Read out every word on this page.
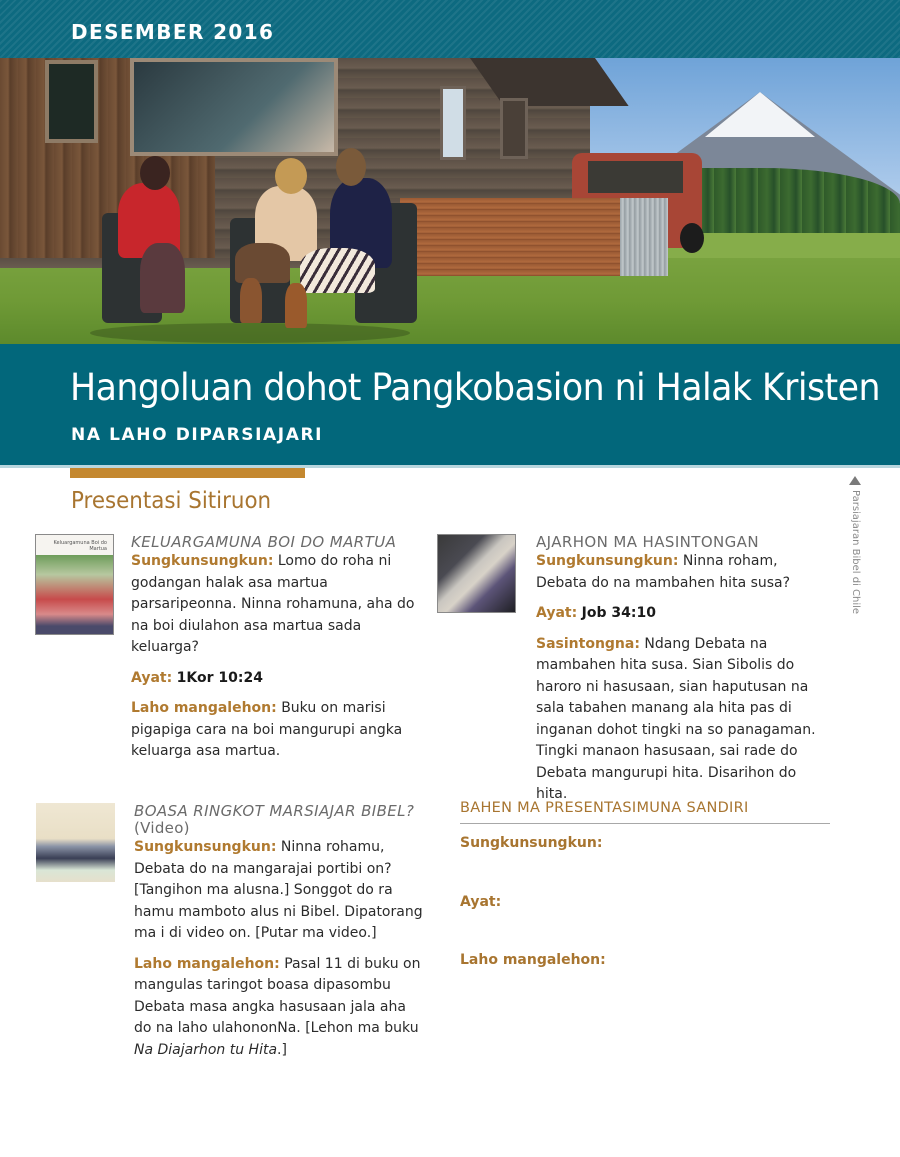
DESEMBER 2016
Hangoluan dohot Pangkobasion ni Halak Kristen
NA LAHO DIPARSIAJARI
Presentasi Sitiruon	Parsiajaran Bibel di Chile
Keluargamuna Boi do Martua KELUARGAMUNA BOI DO MARTUA

Sungkunsungkun: Lomo do roha ni godangan halak asa martua parsaripeonna. Ninna rohamuna, aha do na boi diulahon asa martua sada keluarga?

Ayat: 1Kor 10:24

Laho mangalehon: Buku on marisi pigapiga cara na boi mangurupi angka keluarga asa martua.

AJARHON MA HASINTONGAN

Sungkunsungkun: Ninna roham, Debata do na mambahen hita susa?

Ayat: Job 34:10

Sasintongna: Ndang Debata na mambahen hita susa. Sian Sibolis do haroro ni hasusaan, sian haputusan na sala tabahen manang ala hita pas di inganan dohot tingki na so panagaman. Tingki manaon hasusaan, sai rade do Debata mangurupi hita. Disarihon do hita.

BOASA RINGKOT MARSIAJAR BIBEL?
(Video)

Sungkunsungkun: Ninna rohamu, Debata do na mangarajai portibi on? [Tangihon ma alusna.] Songgot do ra hamu mamboto alus ni Bibel. Dipatorang ma i di video on. [Putar ma video.]

Laho mangalehon: Pasal 11 di buku on mangulas taringot boasa dipasombu Debata masa angka hasusaan jala aha do na laho ulahononNa. [Lehon ma buku Na Diajarhon tu Hita.]

BAHEN MA PRESENTASIMUNA SANDIRI
Sungkunsungkun:
Ayat:
Laho mangalehon:
